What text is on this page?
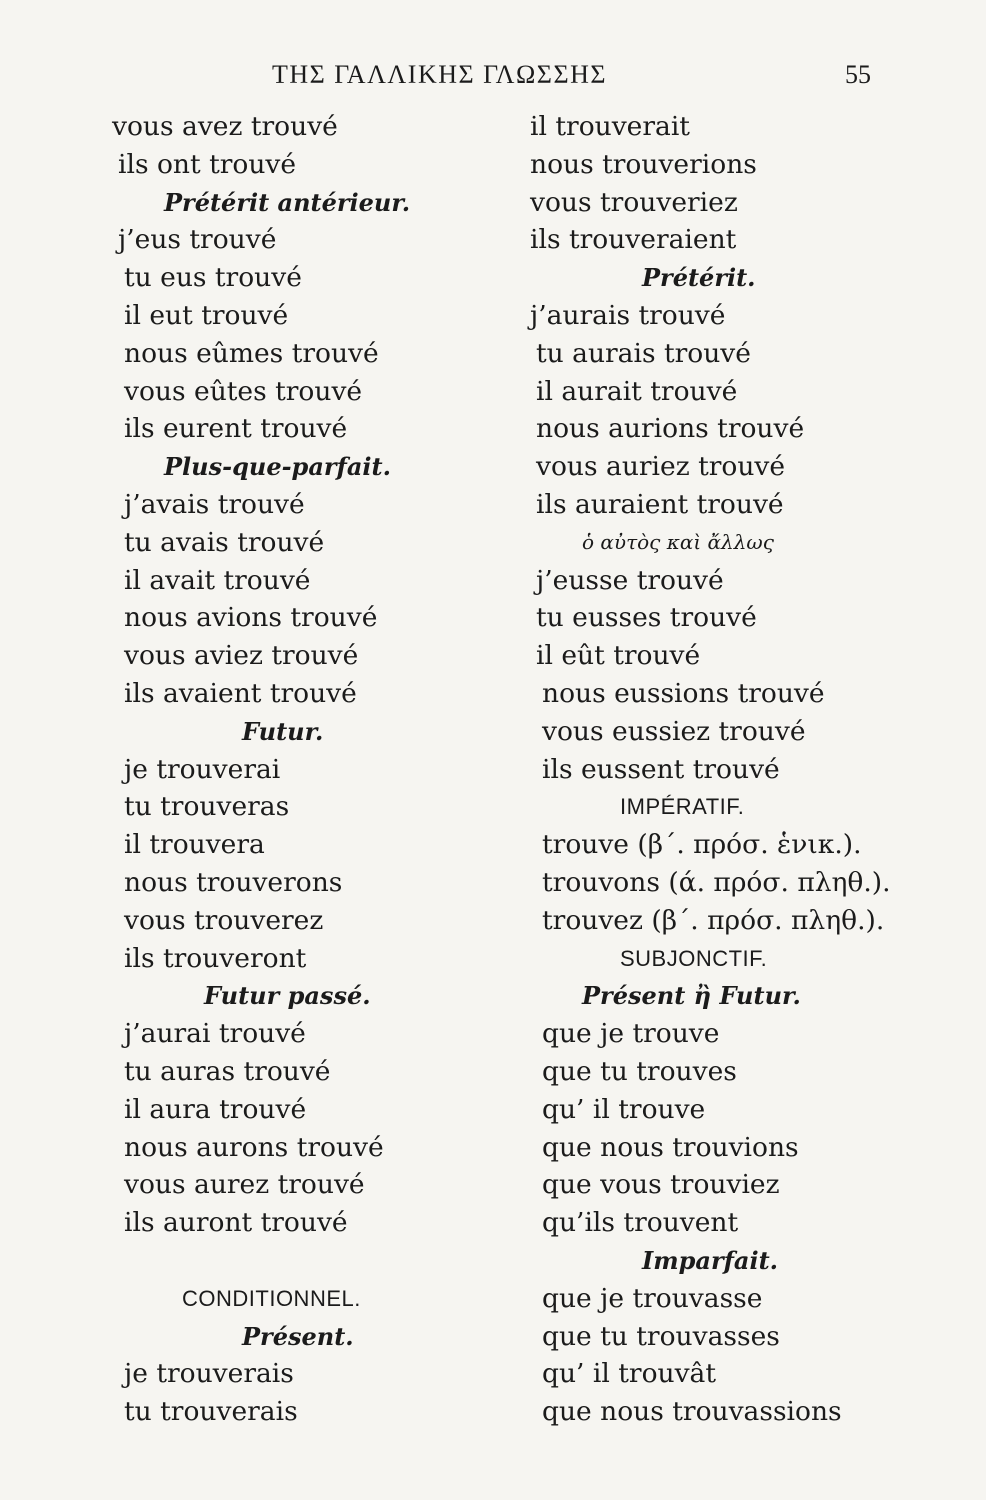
ΤΗΣ ΓΑΛΛΙΚΗΣ ΓΛΩΣΣΗΣ	55
vous avez trouvé
ils ont trouvé
Prétérit antérieur.
j’eus trouvé
tu eus trouvé
il eut trouvé
nous eûmes trouvé
vous eûtes trouvé
ils eurent trouvé
Plus-que-parfait.
j’avais trouvé
tu avais trouvé
il avait trouvé
nous avions trouvé
vous aviez trouvé
ils avaient trouvé
Futur.
je trouverai
tu trouveras
il trouvera
nous trouverons
vous trouverez
ils trouveront
Futur passé.
j’aurai trouvé
tu auras trouvé
il aura trouvé
nous aurons trouvé
vous aurez trouvé
ils auront trouvé
CONDITIONNEL.
Présent.
je trouverais
tu trouverais
il trouverait
nous trouverions
vous trouveriez
ils trouveraient
Prétérit.
j’aurais trouvé
tu aurais trouvé
il aurait trouvé
nous aurions trouvé
vous auriez trouvé
ils auraient trouvé
ὁ αὐτὸς καὶ ἄλλως
j’eusse trouvé
tu eusses trouvé
il eût trouvé
nous eussions trouvé
vous eussiez trouvé
ils eussent trouvé
IMPÉRATIF.
trouve (β΄. πρόσ. ἑνικ.).
trouvons (ά. πρόσ. πληθ.).
trouvez (β΄. πρόσ. πληθ.).
SUBJONCTIF.
Présent ἢ Futur.
que je trouve
que tu trouves
qu’ il trouve
que nous trouvions
que vous trouviez
qu’ils trouvent
Imparfait.
que je trouvasse
que tu trouvasses
qu’ il trouvât
que nous trouvassions
